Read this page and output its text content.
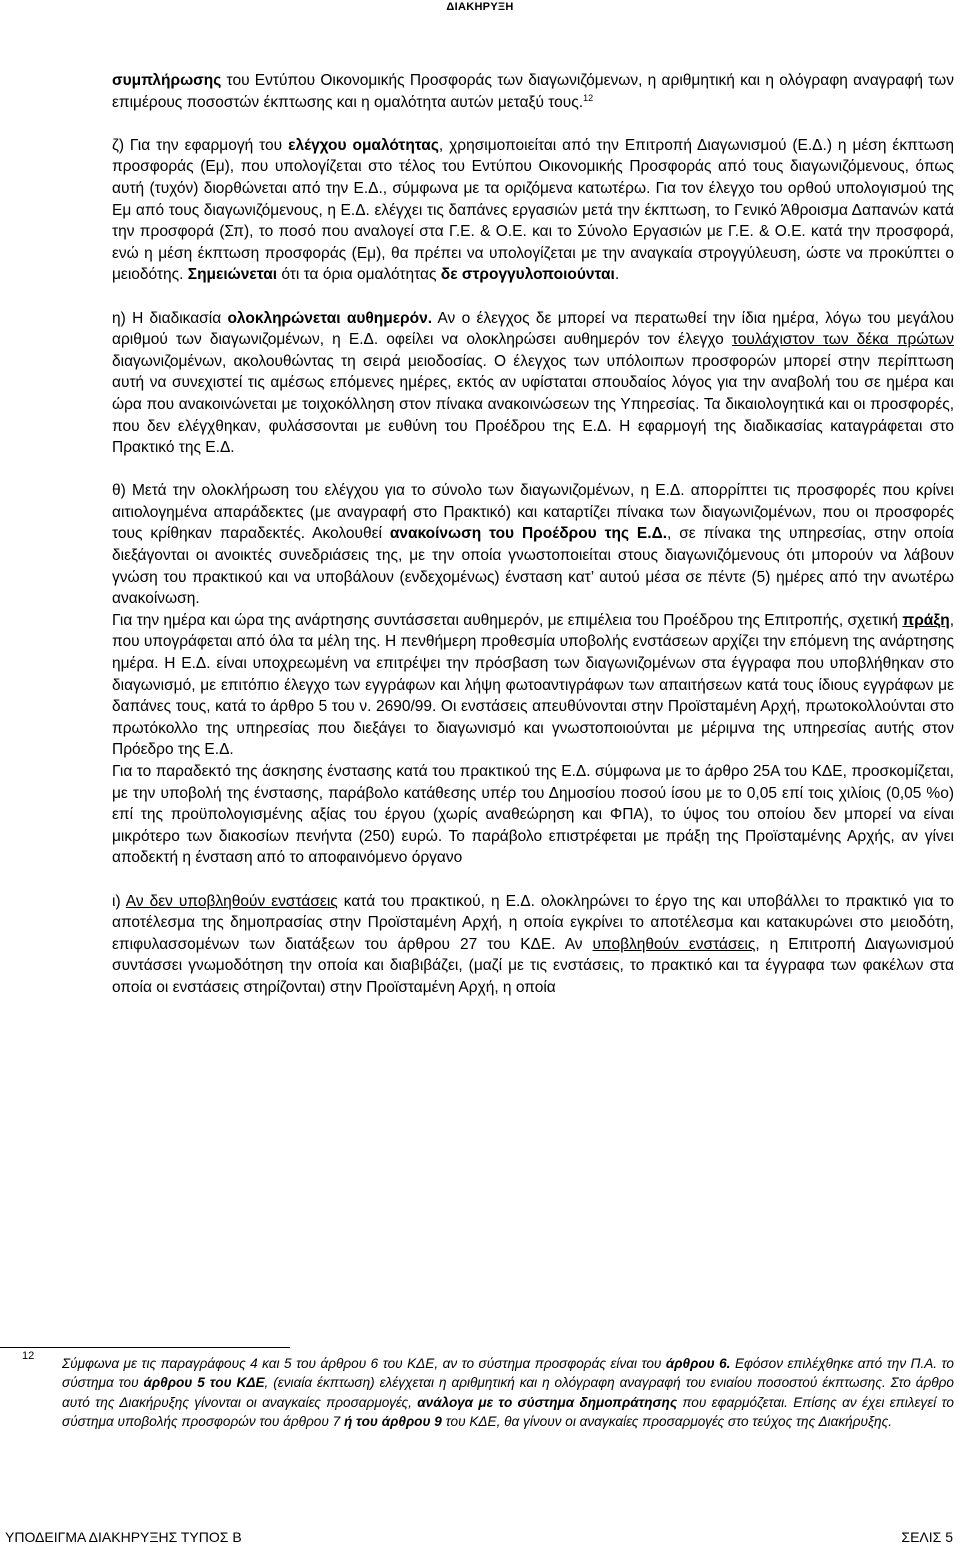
ΔΙΑΚΗΡΥΞΗ

συμπλήρωσης του Εντύπου Οικονομικής Προσφοράς των διαγωνιζόμενων, η αριθμητική και η ολόγραφη αναγραφή των επιμέρους ποσοστών έκπτωσης και η ομαλότητα αυτών μεταξύ τους.$^{12}$

ζ) Για την εφαρμογή του ελέγχου ομαλότητας, χρησιμοποιείται από την Επιτροπή Διαγωνισμού (Ε.Δ.) η μέση έκπτωση προσφοράς (Εμ), που υπολογίζεται στο τέλος του Εντύπου Οικονομικής Προσφοράς από τους διαγωνιζόμενους, όπως αυτή (τυχόν) διορθώνεται από την Ε.Δ., σύμφωνα με τα οριζόμενα κατωτέρω. Για τον έλεγχο του ορθού υπολογισμού της Εμ από τους διαγωνιζόμενους, η Ε.Δ. ελέγχει τις δαπάνες εργασιών μετά την έκπτωση, το Γενικό Άθροισμα Δαπανών κατά την προσφορά (Σπ), το ποσό που αναλογεί στα Γ.Ε. & Ο.Ε. και το Σύνολο Εργασιών με Γ.Ε. & Ο.Ε. κατά την προσφορά, ενώ η μέση έκπτωση προσφοράς (Εμ), θα πρέπει να υπολογίζεται με την αναγκαία στρογγύλευση, ώστε να προκύπτει ο μειοδότης. Σημειώνεται ότι τα όρια ομαλότητας δε στρογγυλοποιούνται.

η) Η διαδικασία ολοκληρώνεται αυθημερόν. Αν ο έλεγχος δε μπορεί να περατωθεί την ίδια ημέρα, λόγω του μεγάλου αριθμού των διαγωνιζομένων, η Ε.Δ. οφείλει να ολοκληρώσει αυθημερόν τον έλεγχο τουλάχιστον των δέκα πρώτων διαγωνιζομένων, ακολουθώντας τη σειρά μειοδοσίας. Ο έλεγχος των υπόλοιπων προσφορών μπορεί στην περίπτωση αυτή να συνεχιστεί τις αμέσως επόμενες ημέρες, εκτός αν υφίσταται σπουδαίος λόγος για την αναβολή του σε ημέρα και ώρα που ανακοινώνεται με τοιχοκόλληση στον πίνακα ανακοινώσεων της Υπηρεσίας. Τα δικαιολογητικά και οι προσφορές, που δεν ελέγχθηκαν, φυλάσσονται με ευθύνη του Προέδρου της Ε.Δ. Η εφαρμογή της διαδικασίας καταγράφεται στο Πρακτικό της Ε.Δ.

θ) Μετά την ολοκλήρωση του ελέγχου για το σύνολο των διαγωνιζομένων, η Ε.Δ. απορρίπτει τις προσφορές που κρίνει αιτιολογημένα απαράδεκτες (με αναγραφή στο Πρακτικό) και καταρτίζει πίνακα των διαγωνιζομένων, που οι προσφορές τους κρίθηκαν παραδεκτές. Ακολουθεί ανακοίνωση του Προέδρου της Ε.Δ., σε πίνακα της υπηρεσίας, στην οποία διεξάγονται οι ανοικτές συνεδριάσεις της, με την οποία γνωστοποιείται στους διαγωνιζόμενους ότι μπορούν να λάβουν γνώση του πρακτικού και να υποβάλουν (ενδεχομένως) ένσταση κατ’ αυτού μέσα σε πέντε (5) ημέρες από την ανωτέρω ανακοίνωση.

Για την ημέρα και ώρα της ανάρτησης συντάσσεται αυθημερόν, με επιμέλεια του Προέδρου της Επιτροπής, σχετική πράξη, που υπογράφεται από όλα τα μέλη της. Η πενθήμερη προθεσμία υποβολής ενστάσεων αρχίζει την επόμενη της ανάρτησης ημέρα. Η Ε.Δ. είναι υποχρεωμένη να επιτρέψει την πρόσβαση των διαγωνιζομένων στα έγγραφα που υποβλήθηκαν στο διαγωνισμό, με επιτόπιο έλεγχο των εγγράφων και λήψη φωτοαντιγράφων των απαιτήσεων κατά τους ίδιους εγγράφων με δαπάνες τους, κατά το άρθρο 5 του ν. 2690/99. Οι ενστάσεις απευθύνονται στην Προϊσταμένη Αρχή, πρωτοκολλούνται στο πρωτόκολλο της υπηρεσίας που διεξάγει το διαγωνισμό και γνωστοποιούνται με μέριμνα της υπηρεσίας αυτής στον Πρόεδρο της Ε.Δ.

Για το παραδεκτό της άσκησης ένστασης κατά του πρακτικού της Ε.Δ. σύμφωνα με το άρθρο 25Α του ΚΔΕ, προσκομίζεται, με την υποβολή της ένστασης, παράβολο κατάθεσης υπέρ του Δημοσίου ποσού ίσου με το 0,05 επί τοις χιλίοις (0,05 %ο) επί της προϋπολογισμένης αξίας του έργου (χωρίς αναθεώρηση και ΦΠΑ), το ύψος του οποίου δεν μπορεί να είναι μικρότερο των διακοσίων πενήντα (250) ευρώ. Το παράβολο επιστρέφεται με πράξη της Προϊσταμένης Αρχής, αν γίνει αποδεκτή η ένσταση από το αποφαινόμενο όργανο

ι) Αν δεν υποβληθούν ενστάσεις κατά του πρακτικού, η Ε.Δ. ολοκληρώνει το έργο της και υποβάλλει το πρακτικό για το αποτέλεσμα της δημοπρασίας στην Προϊσταμένη Αρχή, η οποία εγκρίνει το αποτέλεσμα και κατακυρώνει στο μειοδότη, επιφυλασσομένων των διατάξεων του άρθρου 27 του ΚΔΕ. Αν υποβληθούν ενστάσεις, η Επιτροπή Διαγωνισμού συντάσσει γνωμοδότηση την οποία και διαβιβάζει, (μαζί με τις ενστάσεις, το πρακτικό και τα έγγραφα των φακέλων στα οποία οι ενστάσεις στηρίζονται) στην Προϊσταμένη Αρχή, η οποία

12 Σύμφωνα με τις παραγράφους 4 και 5 του άρθρου 6 του ΚΔΕ, αν το σύστημα προσφοράς είναι του άρθρου 6. Εφόσον επιλέχθηκε από την Π.Α. το σύστημα του άρθρου 5 του ΚΔΕ, (ενιαία έκπτωση) ελέγχεται η αριθμητική και η ολόγραφη αναγραφή του ενιαίου ποσοστού έκπτωσης. Στο άρθρο αυτό της Διακήρυξης γίνονται οι αναγκαίες προσαρμογές, ανάλογα με το σύστημα δημοπράτησης που εφαρμόζεται. Επίσης αν έχει επιλεγεί το σύστημα υποβολής προσφορών του άρθρου 7 ή του άρθρου 9 του ΚΔΕ, θα γίνουν οι αναγκαίες προσαρμογές στο τεύχος της Διακήρυξης.

ΥΠΟΔΕΙΓΜΑ ΔΙΑΚΗΡΥΞΗΣ ΤΥΠΟΣ Β	ΣΕΛΙΣ 5
